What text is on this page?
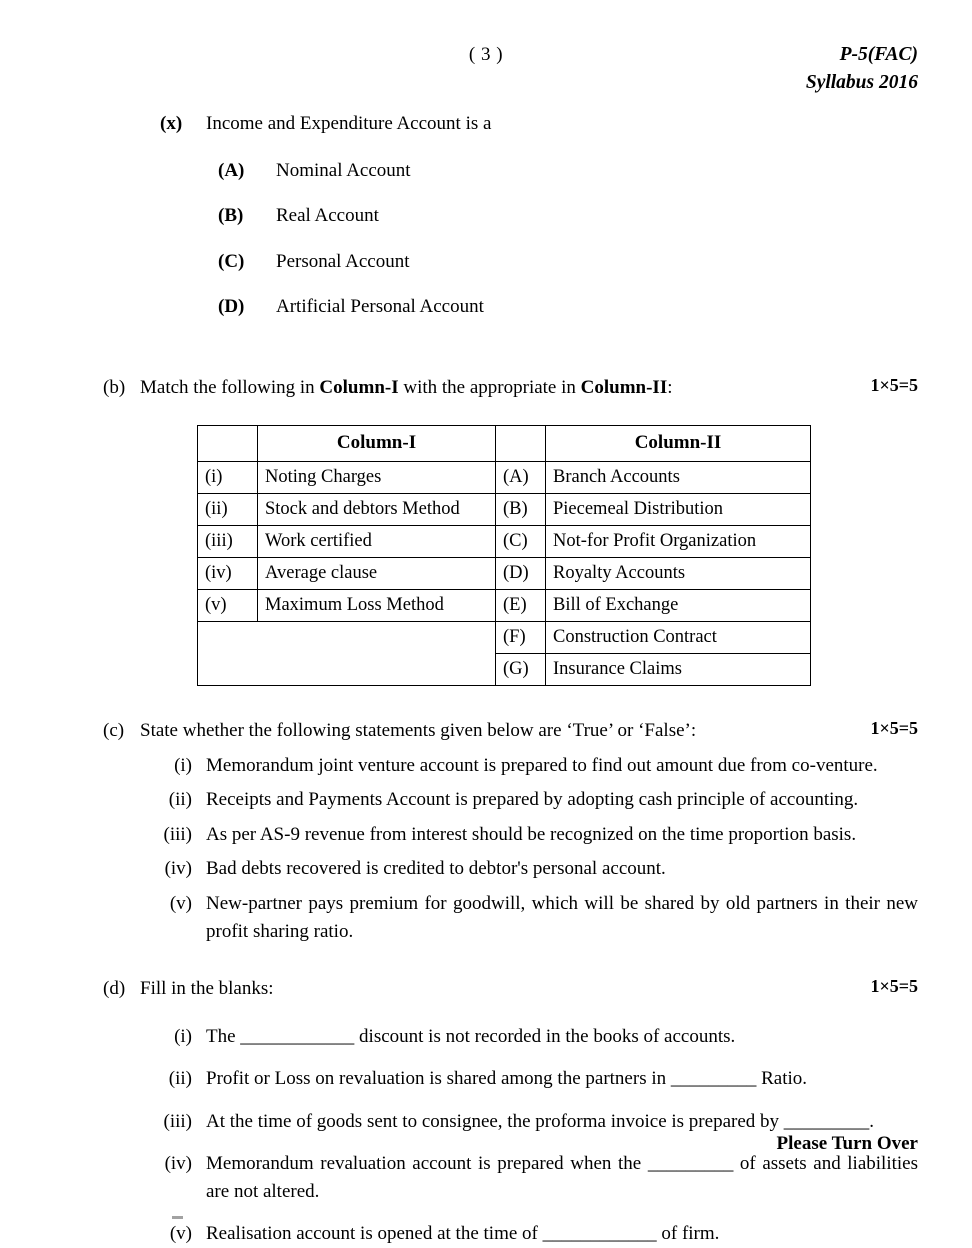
( 3 )	P-5(FAC)
Syllabus 2016
(x)	Income and Expenditure Account is a
(A)	Nominal Account
(B)	Real Account
(C)	Personal Account
(D)	Artificial Personal Account
(b) Match the following in Column-I with the appropriate in Column-II:	1×5=5
	Column-I		Column-II
(i)	Noting Charges	(A)	Branch Accounts
(ii)	Stock and debtors Method	(B)	Piecemeal Distribution
(iii)	Work certified	(C)	Not-for Profit Organization
(iv)	Average clause	(D)	Royalty Accounts
(v)	Maximum Loss Method	(E)	Bill of Exchange
		(F)	Construction Contract
		(G)	Insurance Claims
(c) State whether the following statements given below are ‘True’ or ‘False’:	1×5=5
(i) Memorandum joint venture account is prepared to find out amount due from co-venture.
(ii) Receipts and Payments Account is prepared by adopting cash principle of accounting.
(iii) As per AS-9 revenue from interest should be recognized on the time proportion basis.
(iv) Bad debts recovered is credited to debtor's personal account.
(v) New-partner pays premium for goodwill, which will be shared by old partners in their new profit sharing ratio.
(d) Fill in the blanks:	1×5=5
(i) The ____________ discount is not recorded in the books of accounts.
(ii) Profit or Loss on revaluation is shared among the partners in _________ Ratio.
(iii) At the time of goods sent to consignee, the proforma invoice is prepared by _________.
(iv) Memorandum revaluation account is prepared when the _________ of assets and liabilities are not altered.
(v) Realisation account is opened at the time of ____________ of firm.
Please Turn Over
